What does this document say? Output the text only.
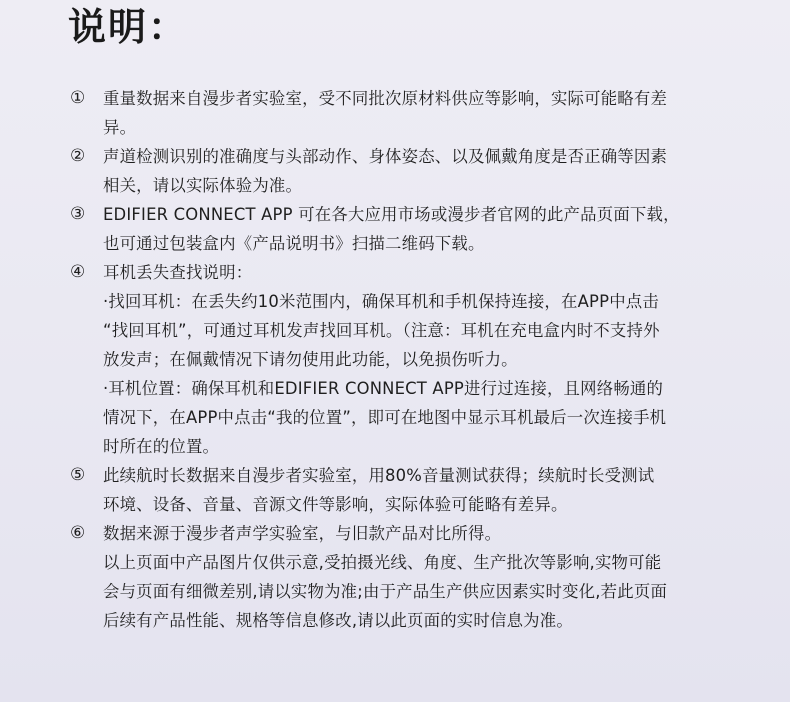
说明：
①	重量数据来自漫步者实验室，受不同批次原材料供应等影响，实际可能略有差
异。
②	声道检测识别的准确度与头部动作、身体姿态、以及佩戴角度是否正确等因素
相关，请以实际体验为准。
③	EDIFIER CONNECT APP 可在各大应用市场或漫步者官网的此产品页面下载，
也可通过包装盒内《产品说明书》扫描二维码下载。
④	耳机丢失查找说明：
·找回耳机：在丢失约10米范围内，确保耳机和手机保持连接，在APP中点击
“找回耳机”，可通过耳机发声找回耳机。（注意：耳机在充电盒内时不支持外
放发声；在佩戴情况下请勿使用此功能，以免损伤听力。
·耳机位置：确保耳机和EDIFIER CONNECT APP进行过连接，且网络畅通的
情况下，在APP中点击“我的位置”，即可在地图中显示耳机最后一次连接手机
时所在的位置。
⑤	此续航时长数据来自漫步者实验室，用80%音量测试获得；续航时长受测试
环境、设备、音量、音源文件等影响，实际体验可能略有差异。
⑥	数据来源于漫步者声学实验室，与旧款产品对比所得。
以上页面中产品图片仅供示意,受拍摄光线、角度、生产批次等影响,实物可能
会与页面有细微差别,请以实物为准;由于产品生产供应因素实时变化,若此页面
后续有产品性能、规格等信息修改,请以此页面的实时信息为准。
